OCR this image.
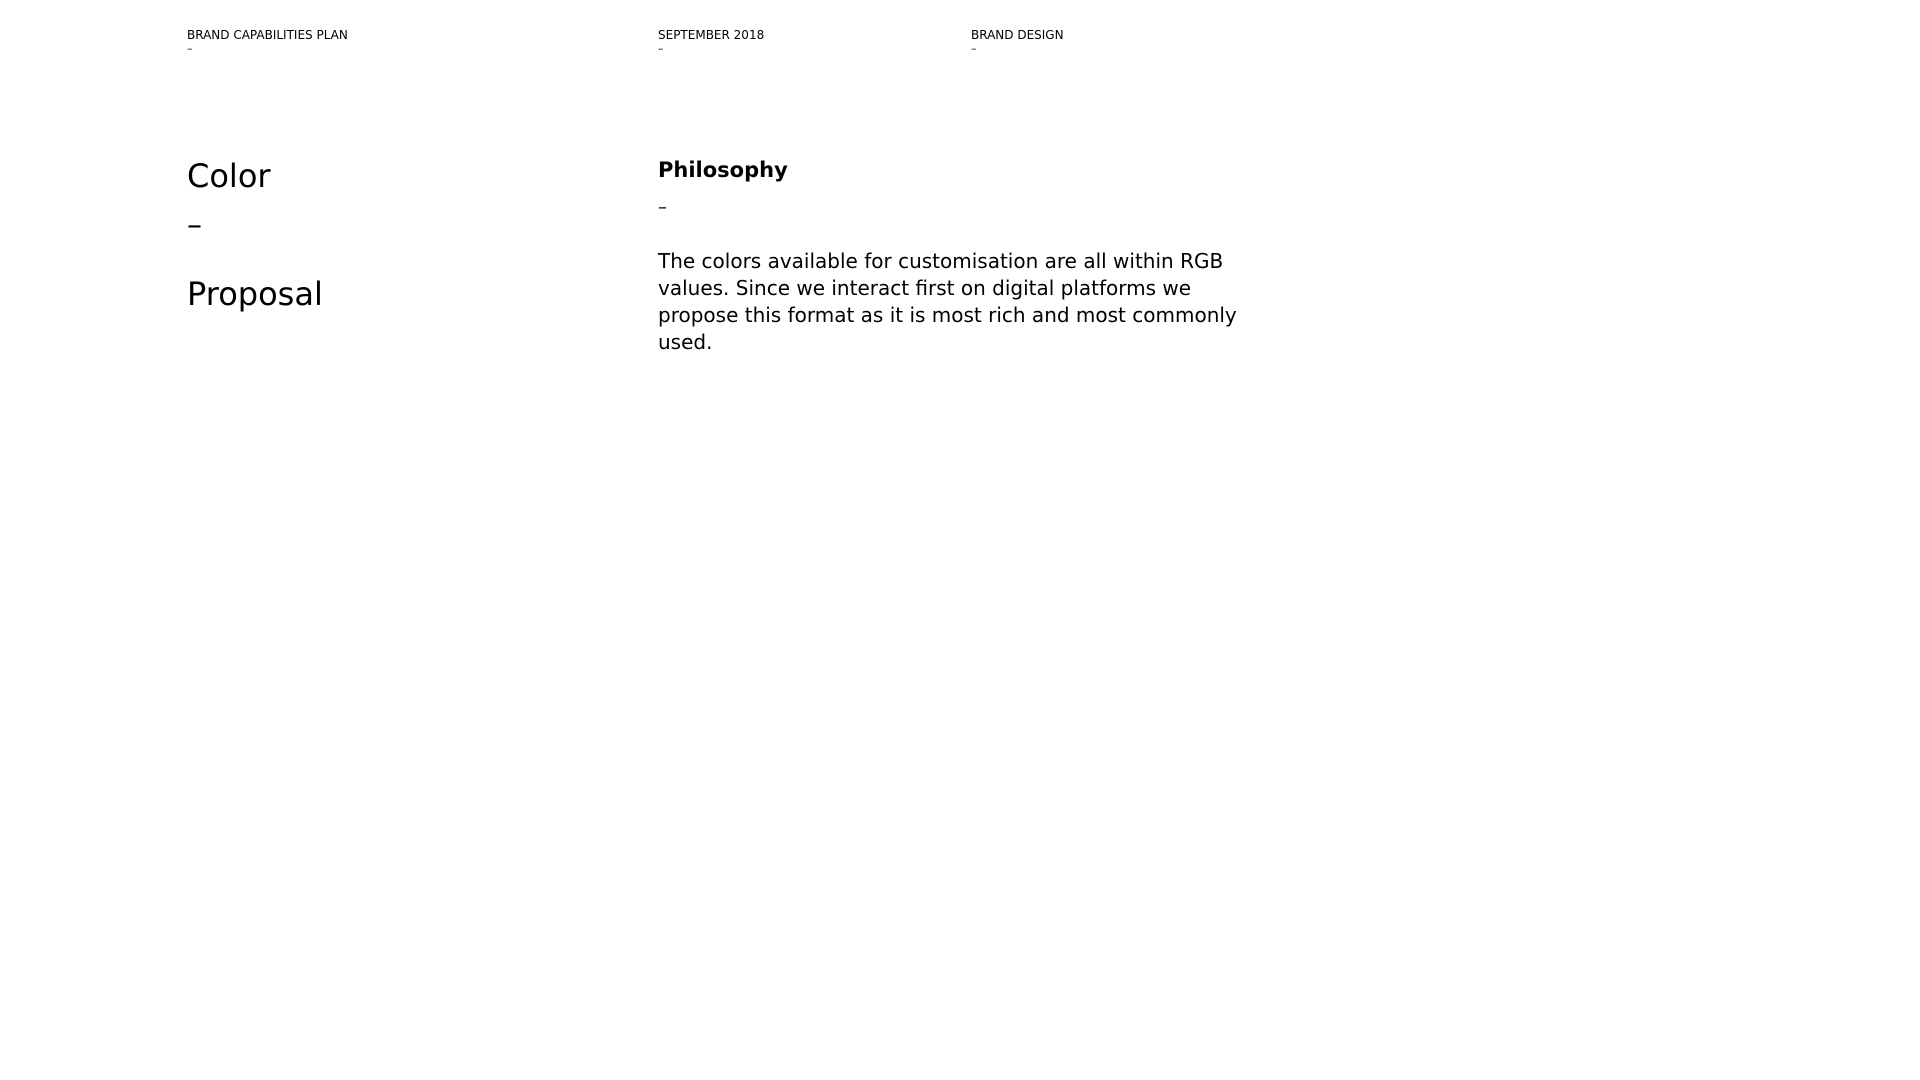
BRAND CAPABILITIES PLAN
–
SEPTEMBER 2018
–
BRAND DESIGN
–
Color
–
Proposal
Philosophy
–

The colors available for customisation are all within RGB values. Since we interact first on digital platforms we propose this format as it is most rich and most commonly used.
